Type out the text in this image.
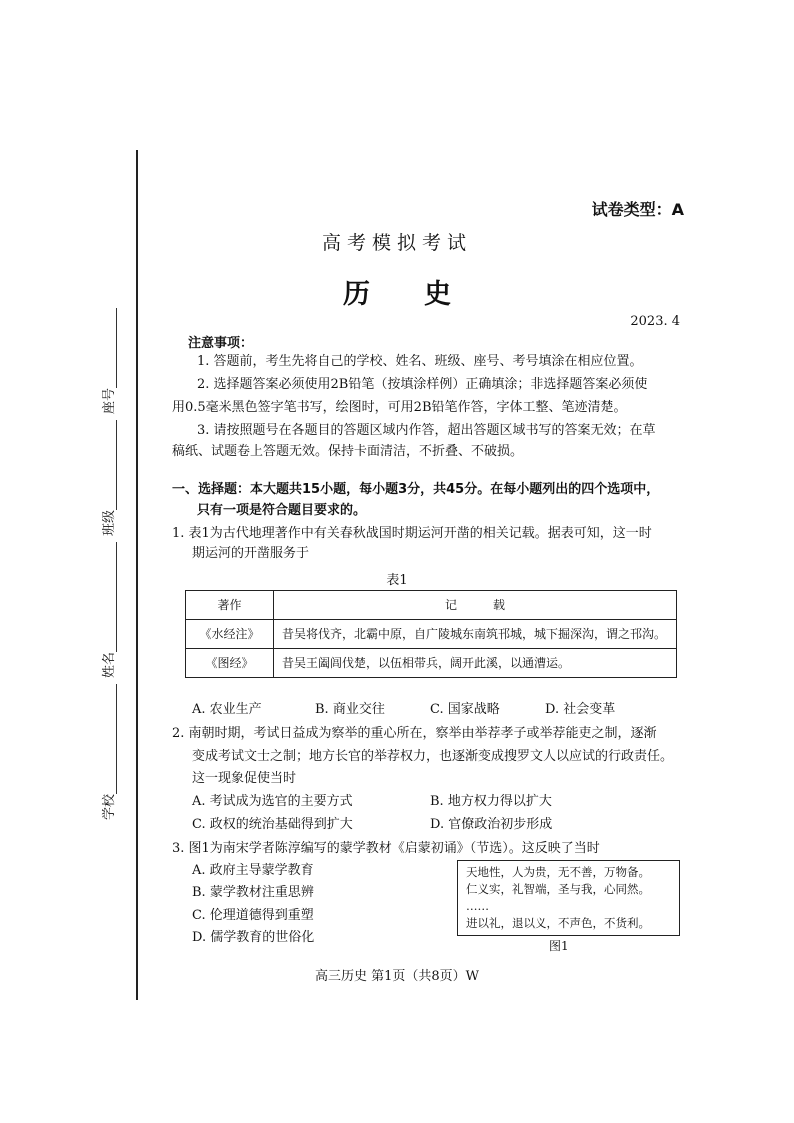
学校
姓名
班级
座号
试卷类型：A
高考模拟考试
历　　史
2023. 4
注意事项：
1. 答题前，考生先将自己的学校、姓名、班级、座号、考号填涂在相应位置。
2. 选择题答案必须使用2B铅笔（按填涂样例）正确填涂；非选择题答案必须使
用0.5毫米黑色签字笔书写，绘图时，可用2B铅笔作答，字体工整、笔迹清楚。
3. 请按照题号在各题目的答题区域内作答，超出答题区域书写的答案无效；在草
稿纸、试题卷上答题无效。保持卡面清洁，不折叠、不破损。
一、选择题：本大题共15小题，每小题3分，共45分。在每小题列出的四个选项中，
只有一项是符合题目要求的。
1. 表1为古代地理著作中有关春秋战国时期运河开凿的相关记载。据表可知，这一时
期运河的开凿服务于
表1
著作	记　　　载
《水经注》	昔吴将伐齐，北霸中原，自广陵城东南筑邗城，城下掘深沟，谓之邗沟。
《图经》	昔吴王阖闾伐楚，以伍相带兵，阔开此溪，以通漕运。
A. 农业生产	B. 商业交往	C. 国家战略	D. 社会变革
2. 南朝时期，考试日益成为察举的重心所在，察举由举荐孝子或举荐能吏之制，逐渐
变成考试文士之制；地方长官的举荐权力，也逐渐变成搜罗文人以应试的行政责任。
这一现象促使当时
A. 考试成为选官的主要方式	B. 地方权力得以扩大
C. 政权的统治基础得到扩大	D. 官僚政治初步形成
3. 图1为南宋学者陈淳编写的蒙学教材《启蒙初诵》（节选）。这反映了当时
A. 政府主导蒙学教育
B. 蒙学教材注重思辨
C. 伦理道德得到重塑
D. 儒学教育的世俗化
天地性，人为贵，无不善，万物备。
仁义实，礼智端，圣与我，心同然。
……
进以礼，退以义，不声色，不货利。
图1
高三历史 第1页（共8页）W
